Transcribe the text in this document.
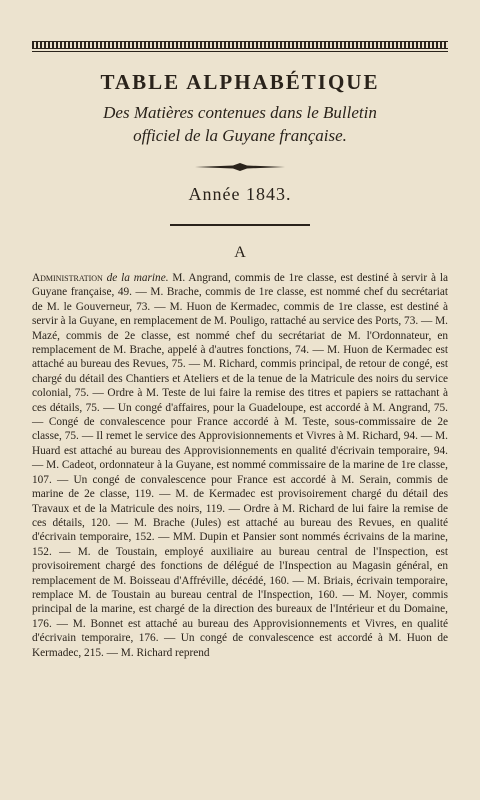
TABLE ALPHABÉTIQUE
Des Matières contenues dans le Bulletin
officiel de la Guyane française.
Année 1843.
A

Administration de la marine. M. Angrand, commis de 1re classe, est destiné à servir à la Guyane française, 49. — M. Brache, commis de 1re classe, est nommé chef du secrétariat de M. le Gouverneur, 73. — M. Huon de Kermadec, commis de 1re classe, est destiné à servir à la Guyane, en remplacement de M. Pouligo, rattaché au service des Ports, 73. — M. Mazé, commis de 2e classe, est nommé chef du secrétariat de M. l'Ordonnateur, en remplacement de M. Brache, appelé à d'autres fonctions, 74. — M. Huon de Kermadec est attaché au bureau des Revues, 75. — M. Richard, commis principal, de retour de congé, est chargé du détail des Chantiers et Ateliers et de la tenue de la Matricule des noirs du service colonial, 75. — Ordre à M. Teste de lui faire la remise des titres et papiers se rattachant à ces détails, 75. — Un congé d'affaires, pour la Guadeloupe, est accordé à M. Angrand, 75. — Congé de convalescence pour France accordé à M. Teste, sous-commissaire de 2e classe, 75. — Il remet le service des Approvisionnements et Vivres à M. Richard, 94. — M. Huard est attaché au bureau des Approvisionnements en qualité d'écrivain temporaire, 94. — M. Cadeot, ordonnateur à la Guyane, est nommé commissaire de la marine de 1re classe, 107. — Un congé de convalescence pour France est accordé à M. Serain, commis de marine de 2e classe, 119. — M. de Kermadec est provisoirement chargé du détail des Travaux et de la Matricule des noirs, 119. — Ordre à M. Richard de lui faire la remise de ces détails, 120. — M. Brache (Jules) est attaché au bureau des Revues, en qualité d'écrivain temporaire, 152. — MM. Dupin et Pansier sont nommés écrivains de la marine, 152. — M. de Toustain, employé auxiliaire au bureau central de l'Inspection, est provisoirement chargé des fonctions de délégué de l'Inspection au Magasin général, en remplacement de M. Boisseau d'Affréville, décédé, 160. — M. Briais, écrivain temporaire, remplace M. de Toustain au bureau central de l'Inspection, 160. — M. Noyer, commis principal de la marine, est chargé de la direction des bureaux de l'Intérieur et du Domaine, 176. — M. Bonnet est attaché au bureau des Approvisionnements et Vivres, en qualité d'écrivain temporaire, 176. — Un congé de convalescence est accordé à M. Huon de Kermadec, 215. — M. Richard reprend
